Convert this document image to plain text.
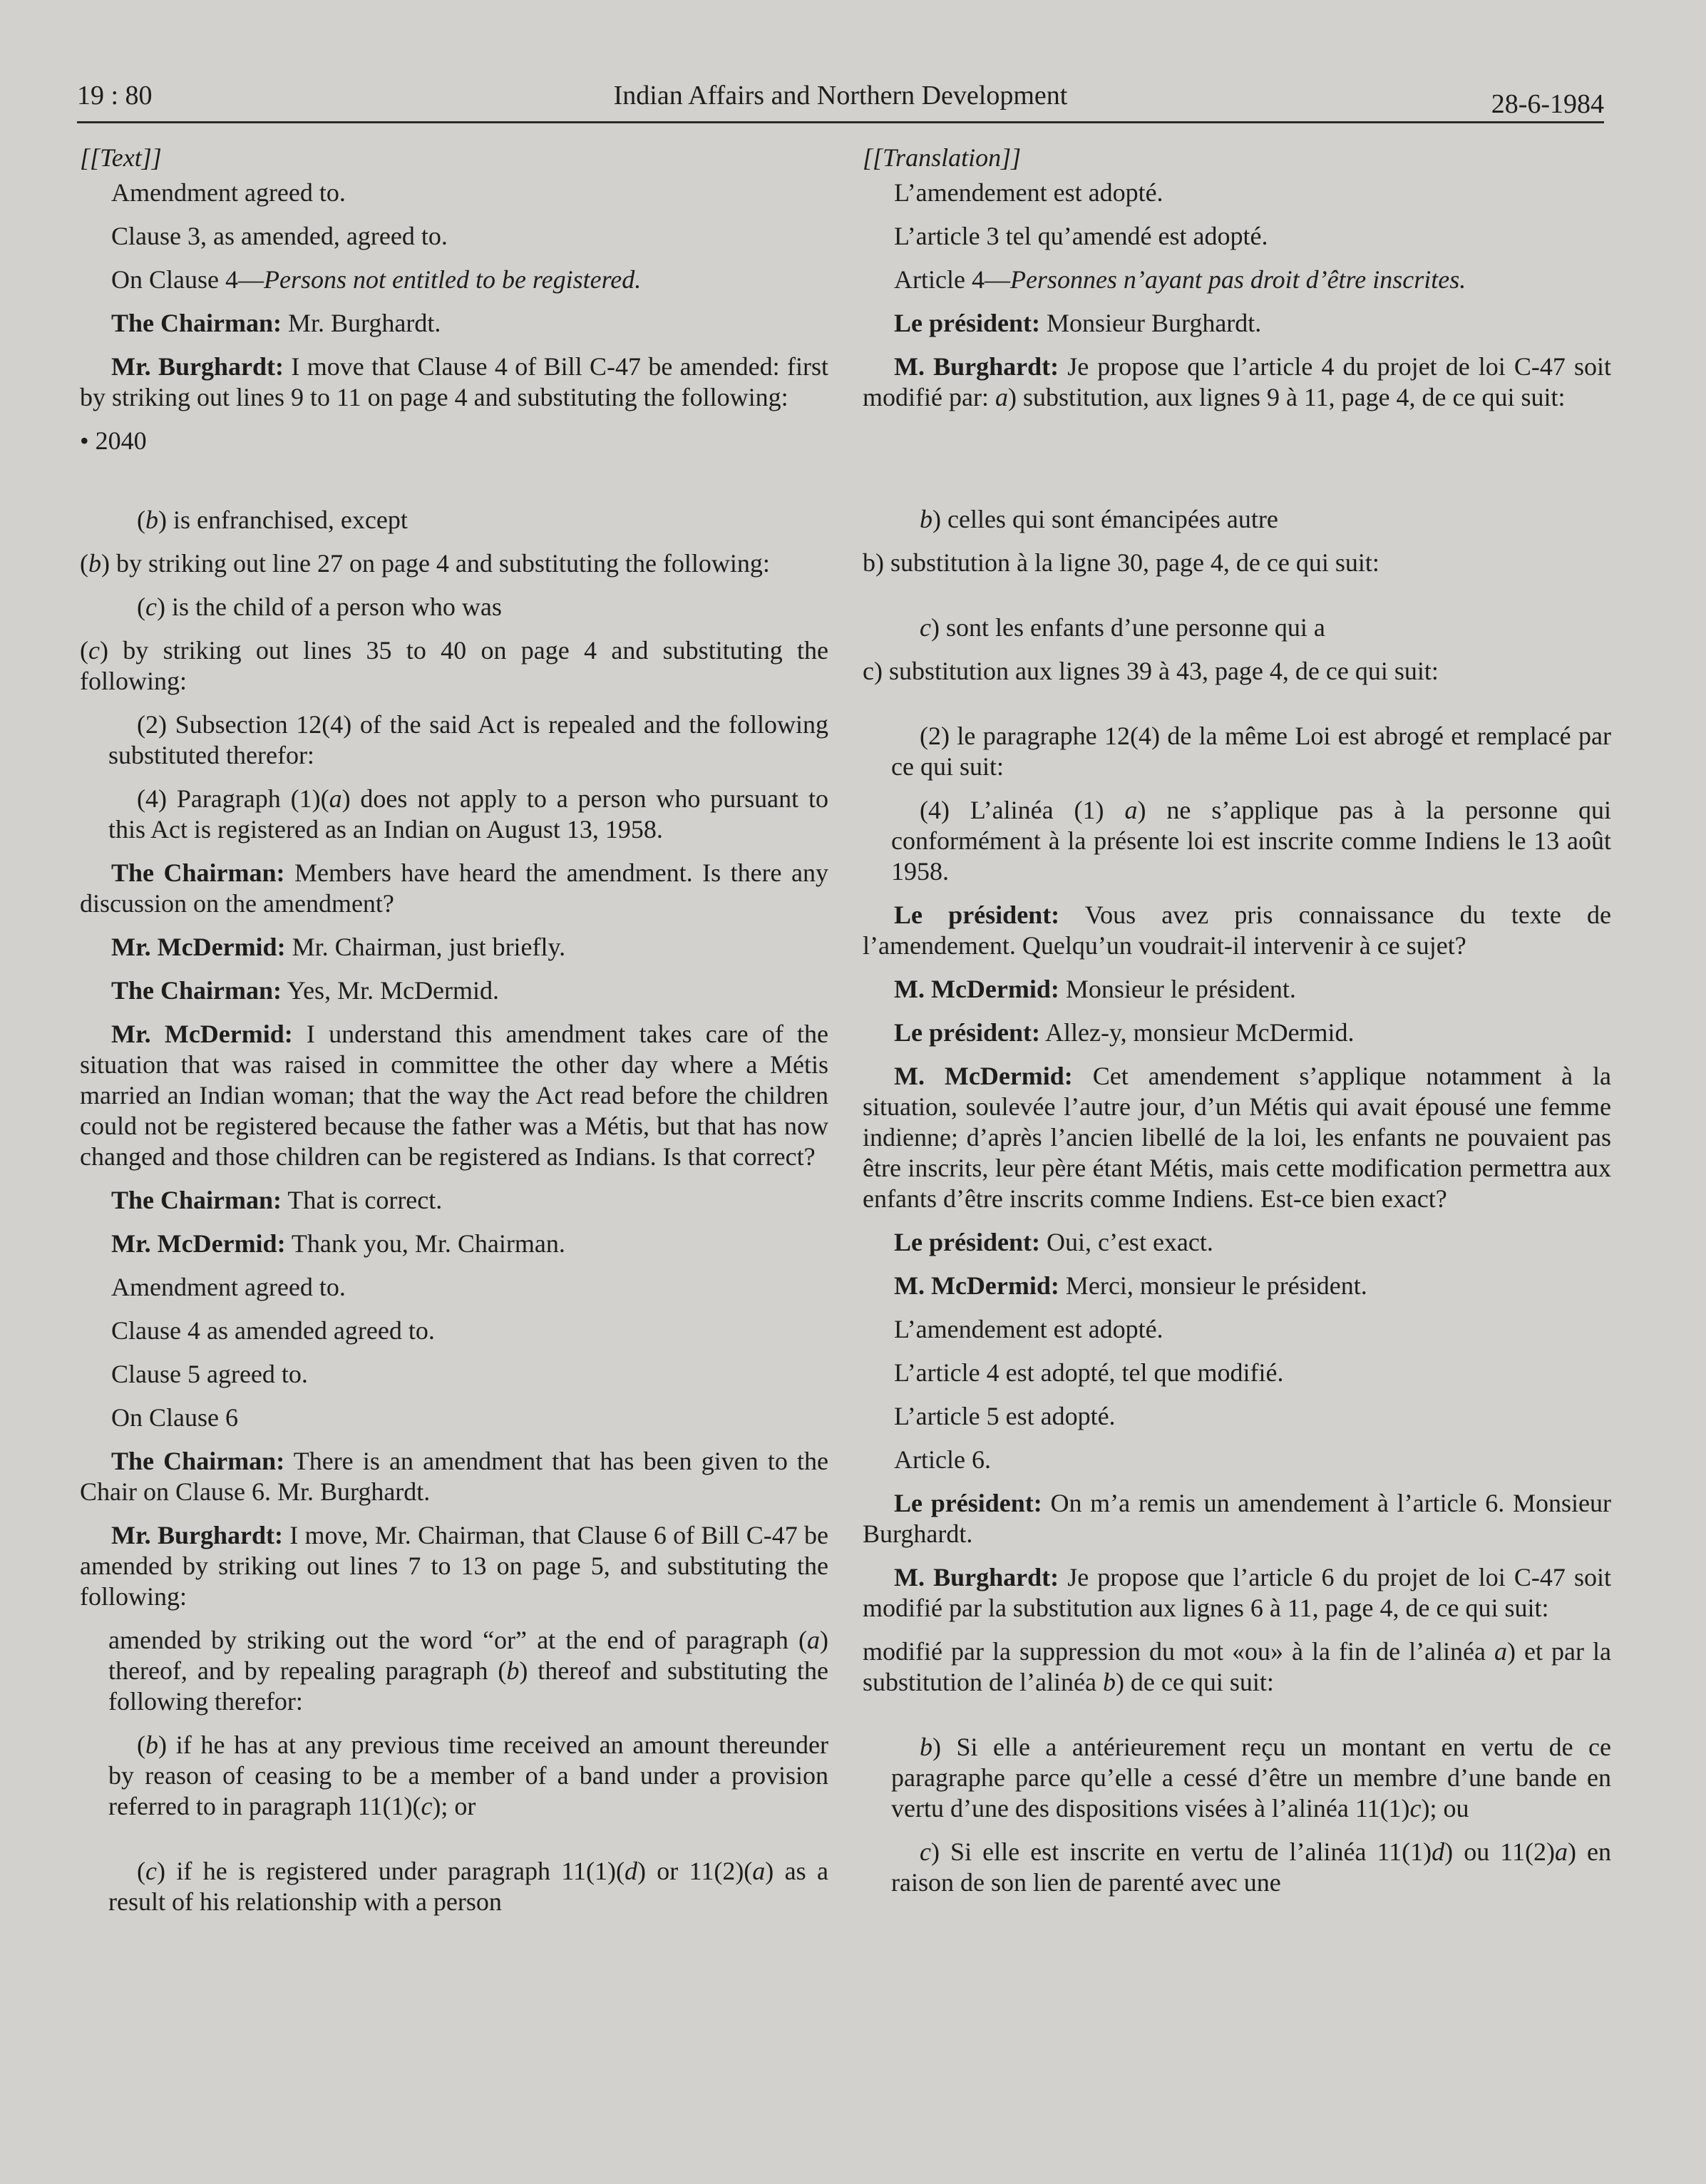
19 : 80	Indian Affairs and Northern Development	28-6-1984

[[Text]]

Amendment agreed to.

Clause 3, as amended, agreed to.

On Clause 4—Persons not entitled to be registered.

The Chairman: Mr. Burghardt.

Mr. Burghardt: I move that Clause 4 of Bill C-47 be amended: first by striking out lines 9 to 11 on page 4 and substituting the following:

• 2040

(b) is enfranchised, except

(b) by striking out line 27 on page 4 and substituting the following:

(c) is the child of a person who was

(c) by striking out lines 35 to 40 on page 4 and substituting the following:

(2) Subsection 12(4) of the said Act is repealed and the following substituted therefor:

(4) Paragraph (1)(a) does not apply to a person who pursuant to this Act is registered as an Indian on August 13, 1958.

The Chairman: Members have heard the amendment. Is there any discussion on the amendment?

Mr. McDermid: Mr. Chairman, just briefly.

The Chairman: Yes, Mr. McDermid.

Mr. McDermid: I understand this amendment takes care of the situation that was raised in committee the other day where a Métis married an Indian woman; that the way the Act read before the children could not be registered because the father was a Métis, but that has now changed and those children can be registered as Indians. Is that correct?

The Chairman: That is correct.

Mr. McDermid: Thank you, Mr. Chairman.

Amendment agreed to.

Clause 4 as amended agreed to.

Clause 5 agreed to.

On Clause 6

The Chairman: There is an amendment that has been given to the Chair on Clause 6. Mr. Burghardt.

Mr. Burghardt: I move, Mr. Chairman, that Clause 6 of Bill C-47 be amended by striking out lines 7 to 13 on page 5, and substituting the following:

amended by striking out the word “or” at the end of paragraph (a) thereof, and by repealing paragraph (b) thereof and substituting the following therefor:

(b) if he has at any previous time received an amount thereunder by reason of ceasing to be a member of a band under a provision referred to in paragraph 11(1)(c); or

(c) if he is registered under paragraph 11(1)(d) or 11(2)(a) as a result of his relationship with a person

[[Translation]]

L’amendement est adopté.

L’article 3 tel qu’amendé est adopté.

Article 4—Personnes n’ayant pas droit d’être inscrites.

Le président: Monsieur Burghardt.

M. Burghardt: Je propose que l’article 4 du projet de loi C-47 soit modifié par: a) substitution, aux lignes 9 à 11, page 4, de ce qui suit:

b) celles qui sont émancipées autre

b) substitution à la ligne 30, page 4, de ce qui suit:

c) sont les enfants d’une personne qui a

c) substitution aux lignes 39 à 43, page 4, de ce qui suit:

(2) le paragraphe 12(4) de la même Loi est abrogé et remplacé par ce qui suit:

(4) L’alinéa (1) a) ne s’applique pas à la personne qui conformément à la présente loi est inscrite comme Indiens le 13 août 1958.

Le président: Vous avez pris connaissance du texte de l’amendement. Quelqu’un voudrait-il intervenir à ce sujet?

M. McDermid: Monsieur le président.

Le président: Allez-y, monsieur McDermid.

M. McDermid: Cet amendement s’applique notamment à la situation, soulevée l’autre jour, d’un Métis qui avait épousé une femme indienne; d’après l’ancien libellé de la loi, les enfants ne pouvaient pas être inscrits, leur père étant Métis, mais cette modification permettra aux enfants d’être inscrits comme Indiens. Est-ce bien exact?

Le président: Oui, c’est exact.

M. McDermid: Merci, monsieur le président.

L’amendement est adopté.

L’article 4 est adopté, tel que modifié.

L’article 5 est adopté.

Article 6.

Le président: On m’a remis un amendement à l’article 6. Monsieur Burghardt.

M. Burghardt: Je propose que l’article 6 du projet de loi C-47 soit modifié par la substitution aux lignes 6 à 11, page 4, de ce qui suit:

modifié par la suppression du mot «ou» à la fin de l’alinéa a) et par la substitution de l’alinéa b) de ce qui suit:

b) Si elle a antérieurement reçu un montant en vertu de ce paragraphe parce qu’elle a cessé d’être un membre d’une bande en vertu d’une des dispositions visées à l’alinéa 11(1)c); ou

c) Si elle est inscrite en vertu de l’alinéa 11(1)d) ou 11(2)a) en raison de son lien de parenté avec une
